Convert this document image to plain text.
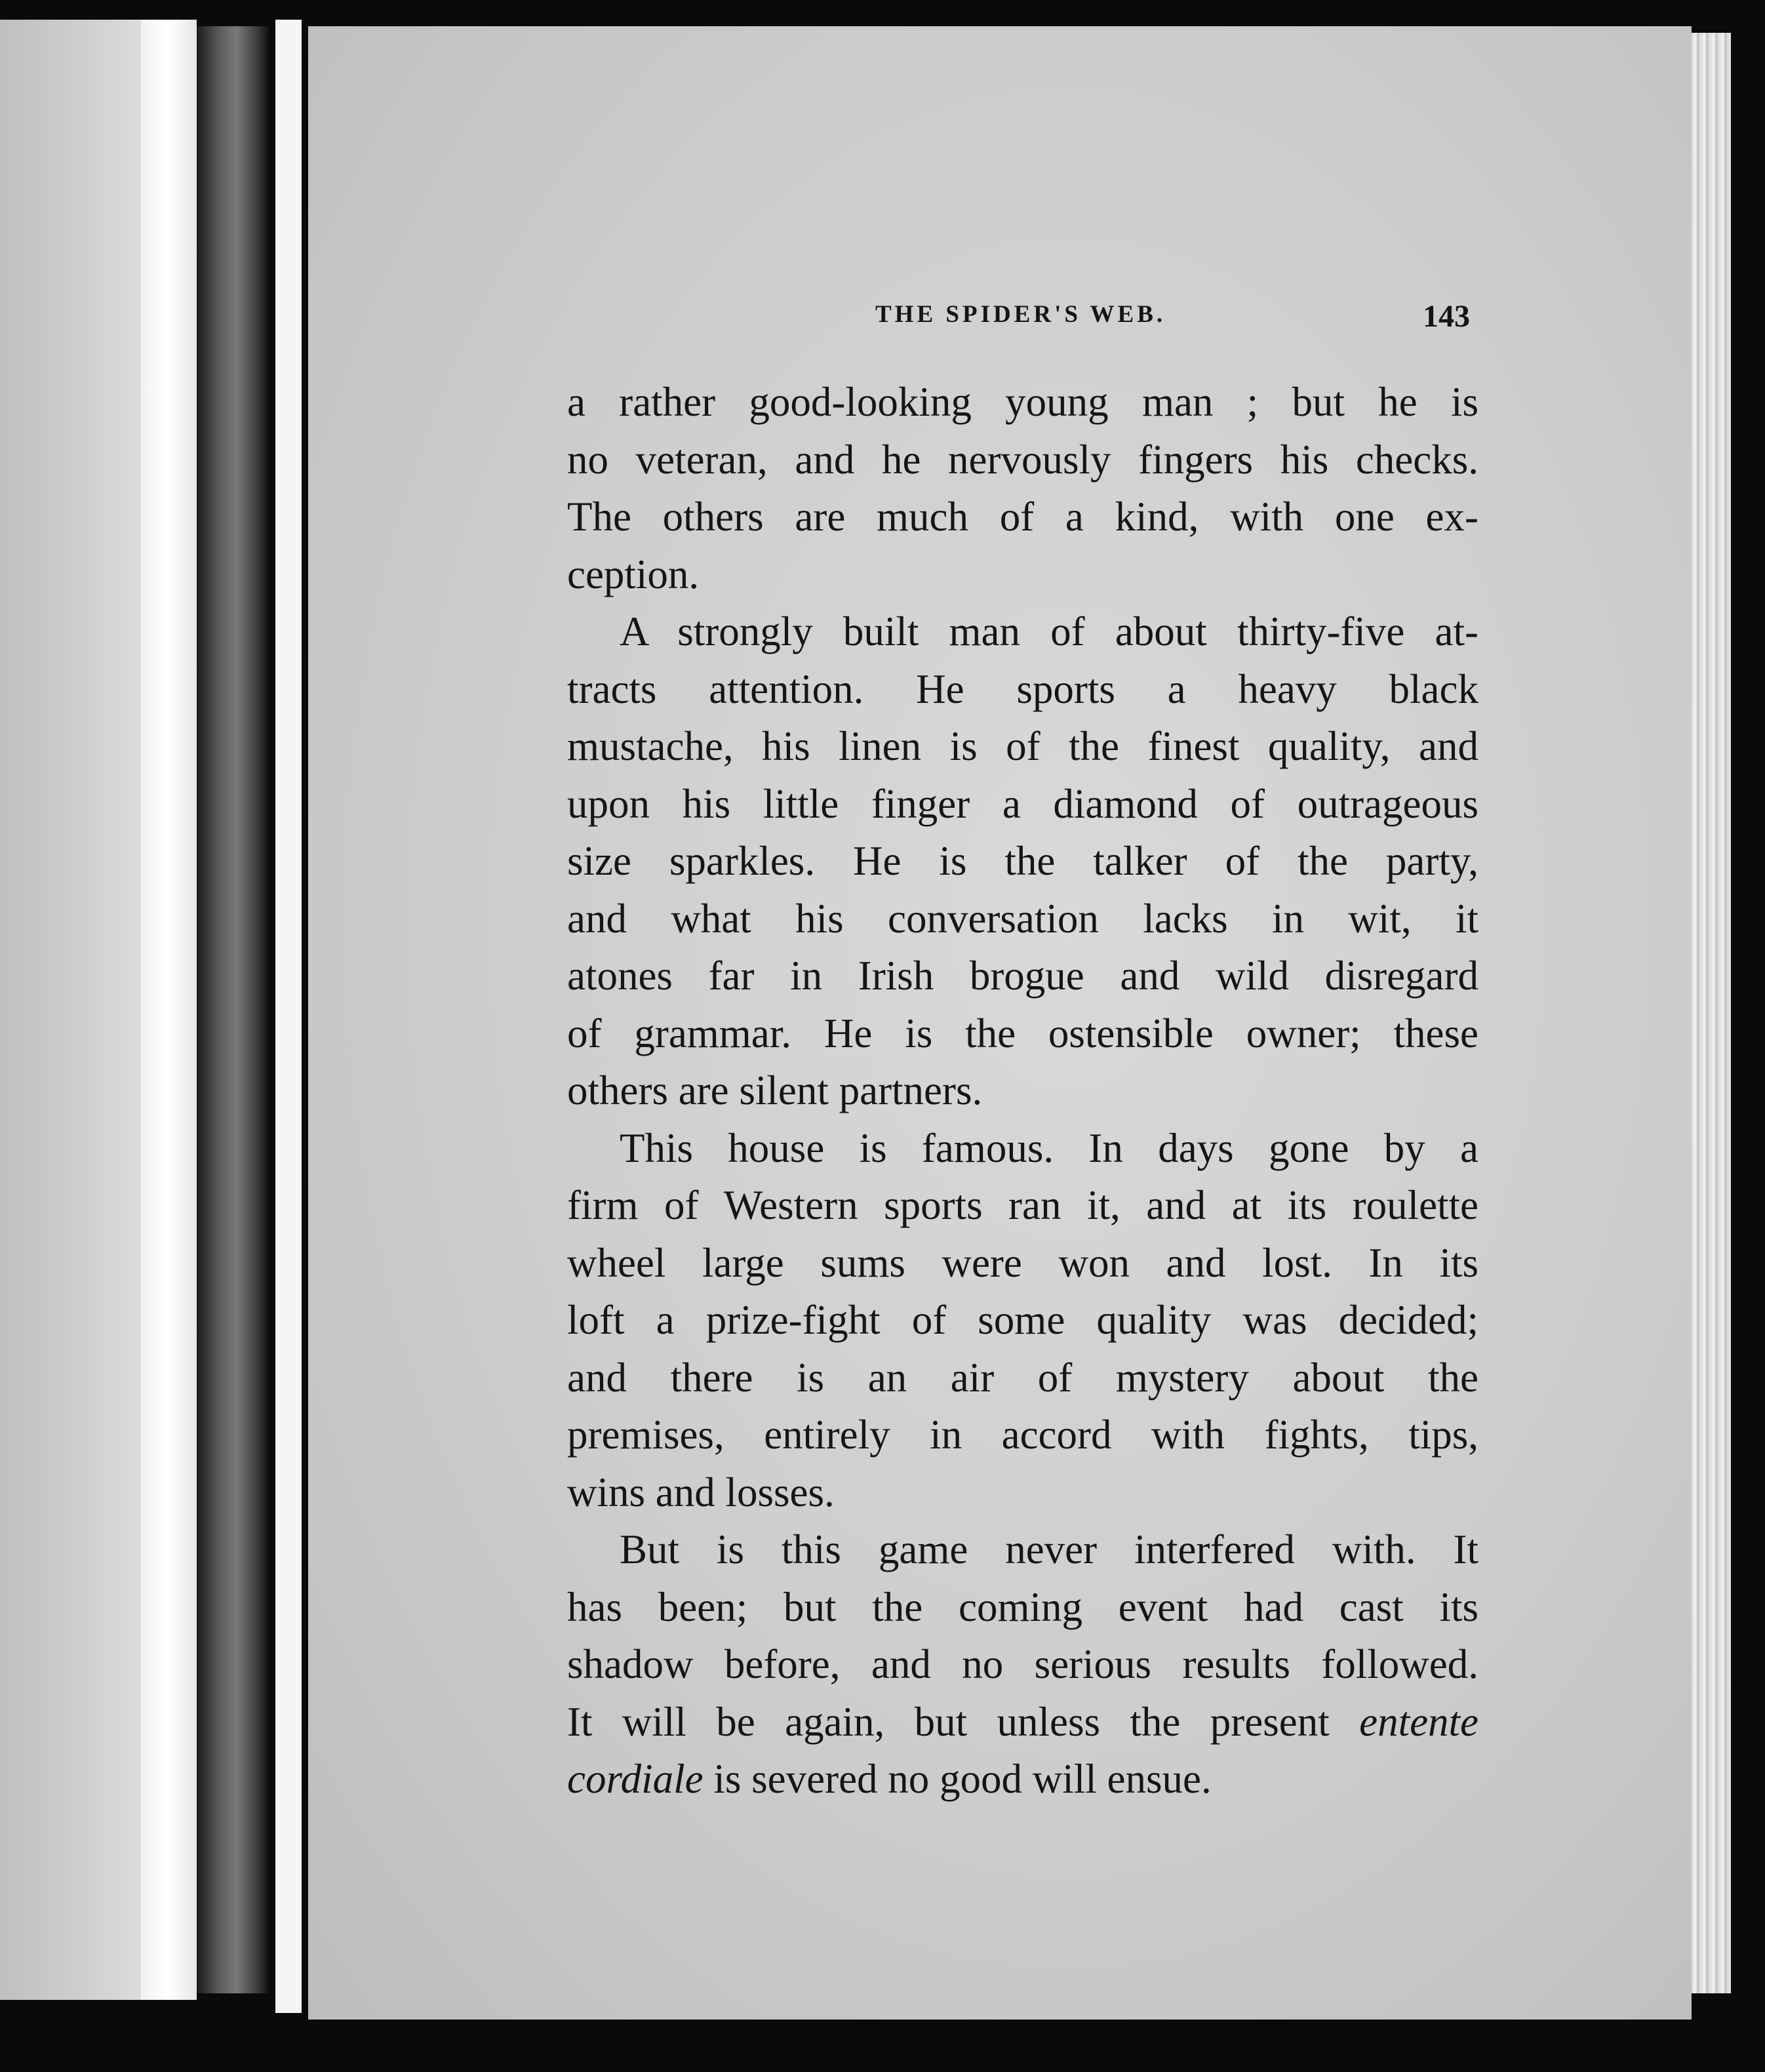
THE SPIDER'S WEB.	143
a rather good-looking young man ; but he is
no veteran, and he nervously fingers his checks.
The others are much of a kind, with one ex-
ception.
A strongly built man of about thirty-five at-
tracts attention. He sports a heavy black
mustache, his linen is of the finest quality, and
upon his little finger a diamond of outrageous
size sparkles. He is the talker of the party,
and what his conversation lacks in wit, it
atones far in Irish brogue and wild disregard
of grammar. He is the ostensible owner; these
others are silent partners.
This house is famous. In days gone by a
firm of Western sports ran it, and at its roulette
wheel large sums were won and lost. In its
loft a prize-fight of some quality was decided;
and there is an air of mystery about the
premises, entirely in accord with fights, tips,
wins and losses.
But is this game never interfered with. It
has been; but the coming event had cast its
shadow before, and no serious results followed.
It will be again, but unless the present entente
cordiale is severed no good will ensue.
